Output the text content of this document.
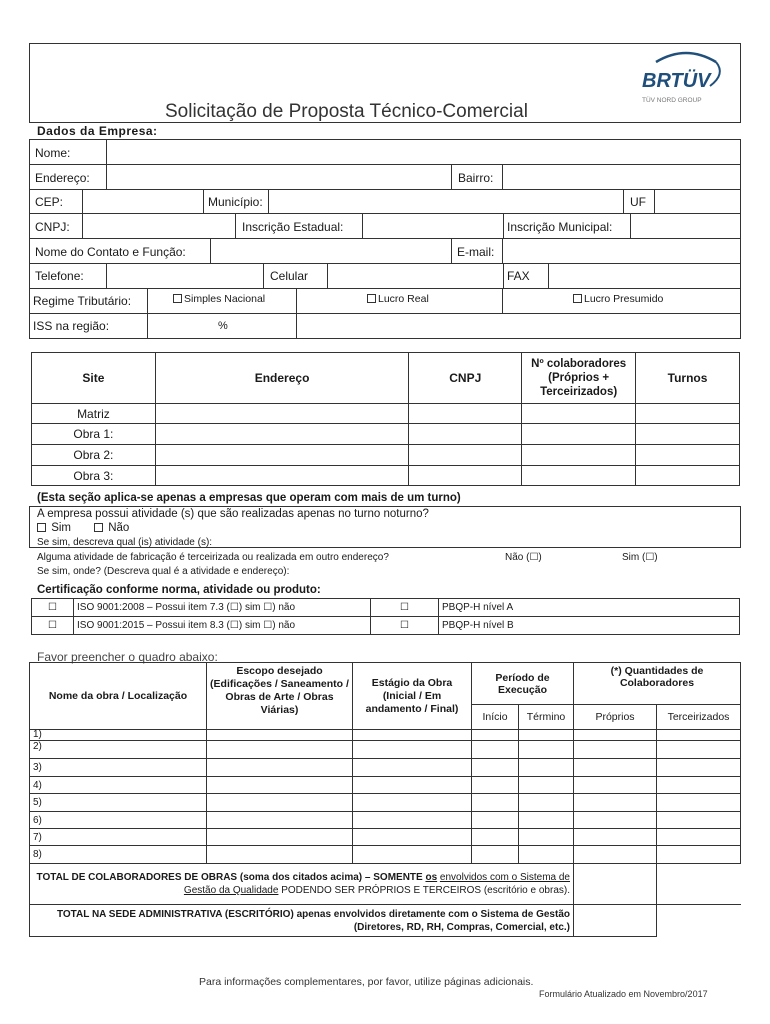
Solicitação de Proposta Técnico-Comercial
BRTÜV
TÜV NORD GROUP
Dados da Empresa:
Nome:
Endereço:	Bairro:
CEP:	Município:	UF
CNPJ:	Inscrição Estadual:	Inscrição Municipal:
Nome do Contato e Função:	E-mail:
Telefone:	Celular	FAX
Regime Tributário:	Simples Nacional	Lucro Real	Lucro Presumido
ISS na região:	%
Site	Endereço	CNPJ	Nº colaboradores (Próprios + Terceirizados)	Turnos
Matriz				
Obra 1:				
Obra 2:				
Obra 3:				
(Esta seção aplica-se apenas a empresas que operam com mais de um turno)
A empresa possui atividade (s) que são realizadas apenas no turno noturno?
Sim	Não
Se sim, descreva qual (is) atividade (s):
Alguma atividade de fabricação é terceirizada ou realizada em outro endereço?	Não (☐)	Sim (☐)
Se sim, onde? (Descreva qual é a atividade e endereço):
Certificação conforme norma, atividade ou produto:
☐	ISO 9001:2008 – Possui item 7.3 (☐) sim ☐) não	☐	PBQP-H nível A
☐	ISO 9001:2015 – Possui item 8.3 (☐) sim ☐) não	☐	PBQP-H nível B
Favor preencher o quadro abaixo:
Nome da obra / Localização	Escopo desejado (Edificações / Saneamento / Obras de Arte / Obras Viárias)	Estágio da Obra (Inicial / Em andamento / Final)	Período de Execução		(*) Quantidades de Colaboradores	
			Início	Término	Próprios	Terceirizados
1)						
2)						
3)						
4)						
5)						
6)						
7)						
8)						
TOTAL DE COLABORADORES DE OBRAS (soma dos citados acima) – SOMENTE os envolvidos com o Sistema de Gestão da Qualidade PODENDO SER PRÓPRIOS E TERCEIROS (escritório e obras).						
TOTAL NA SEDE ADMINISTRATIVA (ESCRITÓRIO) apenas envolvidos diretamente com o Sistema de Gestão (Diretores, RD, RH, Compras, Comercial, etc.)						
Para informações complementares, por favor, utilize páginas adicionais.
Formulário Atualizado em Novembro/2017
